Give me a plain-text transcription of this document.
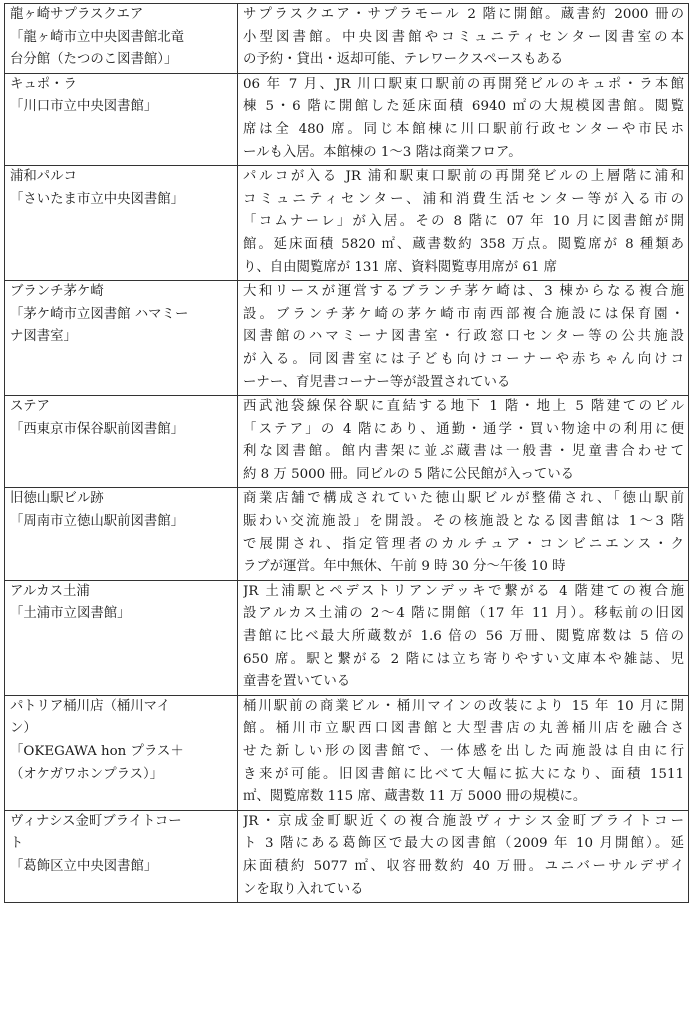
龍ヶ崎サプラスクエア
「龍ヶ崎市立中央図書館北竜
台分館（たつのこ図書館）」	サプラスクエア・サプラモール 2 階に開館。蔵書約 2000 冊の
小型図書館。中央図書館やコミュニティセンター図書室の本
の予約・貸出・返却可能、テレワークスペースもある

キュポ・ラ
「川口市立中央図書館」	06 年 7 月、JR 川口駅東口駅前の再開発ビルのキュポ・ラ本館
棟 5・6 階に開館した延床面積 6940 ㎡の大規模図書館。閲覧
席は全 480 席。同じ本館棟に川口駅前行政センターや市民ホ
ールも入居。本館棟の 1〜3 階は商業フロア。

浦和パルコ
「さいたま市立中央図書館」	パルコが入る JR 浦和駅東口駅前の再開発ビルの上層階に浦和
コミュニティセンター、浦和消費生活センター等が入る市の
「コムナーレ」が入居。その 8 階に 07 年 10 月に図書館が開
館。延床面積 5820 ㎡、蔵書数約 358 万点。閲覧席が 8 種類あ
り、自由閲覧席が 131 席、資料閲覧専用席が 61 席

ブランチ茅ケ崎
「茅ケ崎市立図書館 ハマミー
ナ図書室」	大和リースが運営するブランチ茅ケ崎は、3 棟からなる複合施
設。ブランチ茅ケ崎の茅ケ崎市南西部複合施設には保育園・
図書館のハマミーナ図書室・行政窓口センター等の公共施設
が入る。同図書室には子ども向けコーナーや赤ちゃん向けコ
ーナー、育児書コーナー等が設置されている

ステア
「西東京市保谷駅前図書館」	西武池袋線保谷駅に直結する地下 1 階・地上 5 階建てのビル
「ステア」の 4 階にあり、通勤・通学・買い物途中の利用に便
利な図書館。館内書架に並ぶ蔵書は一般書・児童書合わせて
約 8 万 5000 冊。同ビルの 5 階に公民館が入っている

旧徳山駅ビル跡
「周南市立徳山駅前図書館」	商業店舗で構成されていた徳山駅ビルが整備され、「徳山駅前
賑わい交流施設」を開設。その核施設となる図書館は 1〜3 階
で展開され、指定管理者のカルチュア・コンビニエンス・ク
ラブが運営。年中無休、午前 9 時 30 分〜午後 10 時

アルカス土浦
「土浦市立図書館」	JR 土浦駅とペデストリアンデッキで繋がる 4 階建ての複合施
設アルカス土浦の 2〜4 階に開館（17 年 11 月）。移転前の旧図
書館に比べ最大所蔵数が 1.6 倍の 56 万冊、閲覧席数は 5 倍の
650 席。駅と繋がる 2 階には立ち寄りやすい文庫本や雑誌、児
童書を置いている

パトリア桶川店（桶川マイ
ン）
「OKEGAWA hon プラス＋
（オケガワホンプラス）」	桶川駅前の商業ビル・桶川マインの改装により 15 年 10 月に開
館。桶川市立駅西口図書館と大型書店の丸善桶川店を融合さ
せた新しい形の図書館で、一体感を出した両施設は自由に行
き来が可能。旧図書館に比べて大幅に拡大になり、面積 1511
㎡、閲覧席数 115 席、蔵書数 11 万 5000 冊の規模に。

ヴィナシス金町ブライトコー
ト
「葛飾区立中央図書館」	JR・京成金町駅近くの複合施設ヴィナシス金町ブライトコー
ト 3 階にある葛飾区で最大の図書館（2009 年 10 月開館）。延
床面積約 5077 ㎡、収容冊数約 40 万冊。ユニバーサルデザイ
ンを取り入れている
